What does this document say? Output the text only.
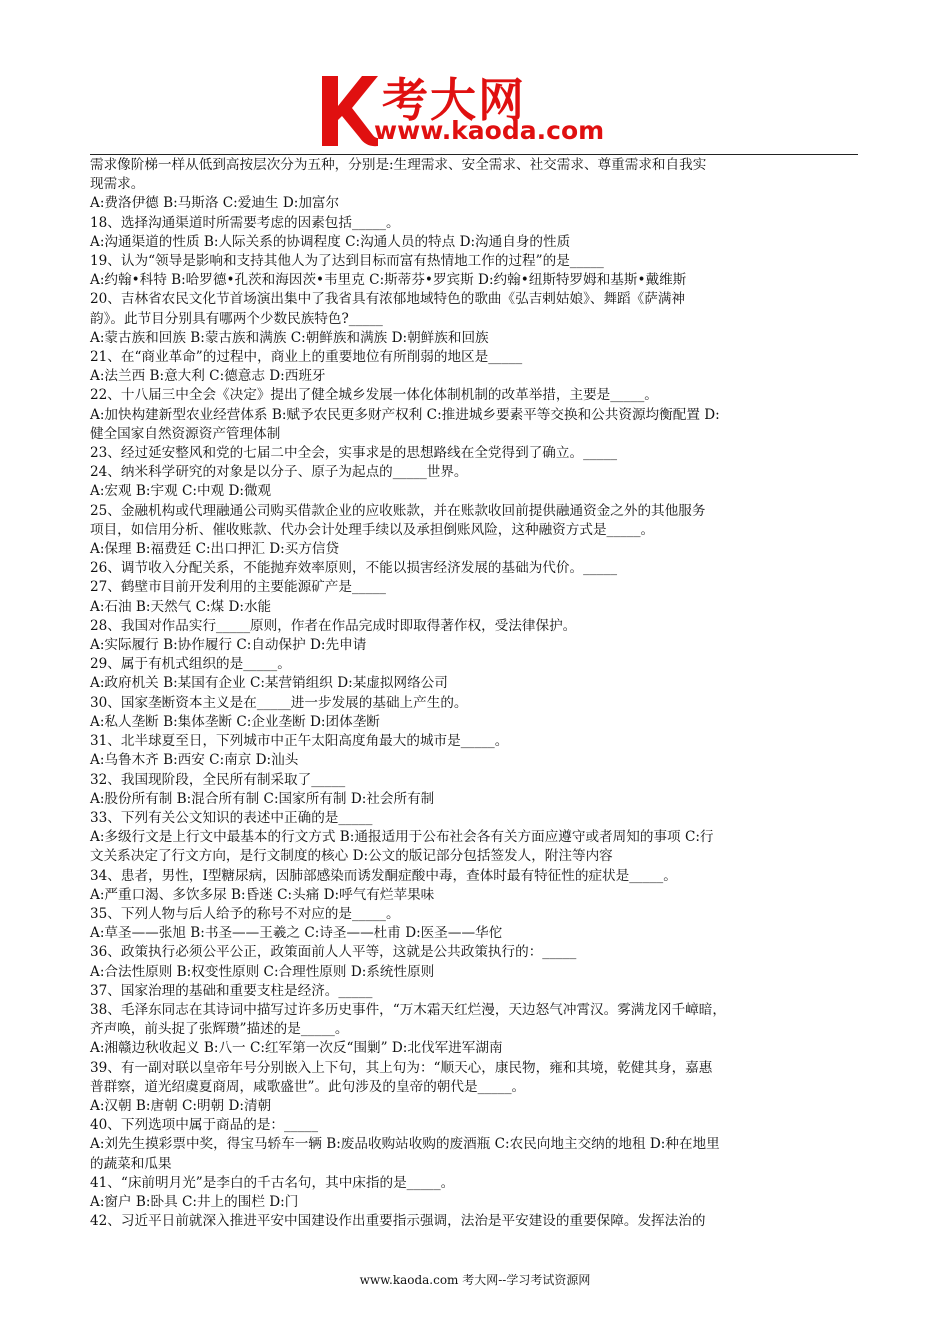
考大网
www.kaoda.com

需求像阶梯一样从低到高按层次分为五种，分别是:生理需求、安全需求、社交需求、尊重需求和自我实

现需求。

A:费洛伊德 B:马斯洛 C:爱迪生 D:加富尔

18、选择沟通渠道时所需要考虑的因素包括_____。

A:沟通渠道的性质 B:人际关系的协调程度 C:沟通人员的特点 D:沟通自身的性质

19、认为“领导是影响和支持其他人为了达到目标而富有热情地工作的过程”的是_____

A:约翰•科特 B:哈罗德•孔茨和海因茨•韦里克 C:斯蒂芬•罗宾斯 D:约翰•纽斯特罗姆和基斯•戴维斯

20、吉林省农民文化节首场演出集中了我省具有浓郁地域特色的歌曲《弘吉剌姑娘》、舞蹈《萨满神

韵》。此节目分别具有哪两个少数民族特色?_____

A:蒙古族和回族 B:蒙古族和满族 C:朝鲜族和满族 D:朝鲜族和回族

21、在“商业革命”的过程中，商业上的重要地位有所削弱的地区是_____

A:法兰西 B:意大利 C:德意志 D:西班牙

22、十八届三中全会《决定》提出了健全城乡发展一体化体制机制的改革举措，主要是_____。

A:加快构建新型农业经营体系 B:赋予农民更多财产权利 C:推进城乡要素平等交换和公共资源均衡配置 D:

健全国家自然资源资产管理体制

23、经过延安整风和党的七届二中全会，实事求是的思想路线在全党得到了确立。_____

24、纳米科学研究的对象是以分子、原子为起点的_____世界。

A:宏观 B:宇观 C:中观 D:微观

25、金融机构或代理融通公司购买借款企业的应收账款，并在账款收回前提供融通资金之外的其他服务

项目，如信用分析、催收账款、代办会计处理手续以及承担倒账风险，这种融资方式是_____。

A:保理 B:福费廷 C:出口押汇 D:买方信贷

26、调节收入分配关系，不能抛弃效率原则，不能以损害经济发展的基础为代价。_____

27、鹤壁市目前开发利用的主要能源矿产是_____

A:石油 B:天然气 C:煤 D:水能

28、我国对作品实行_____原则，作者在作品完成时即取得著作权，受法律保护。

A:实际履行 B:协作履行 C:自动保护 D:先申请

29、属于有机式组织的是_____。

A:政府机关 B:某国有企业 C:某营销组织 D:某虚拟网络公司

30、国家垄断资本主义是在_____进一步发展的基础上产生的。

A:私人垄断 B:集体垄断 C:企业垄断 D:团体垄断

31、北半球夏至日，下列城市中正午太阳高度角最大的城市是_____。

A:乌鲁木齐 B:西安 C:南京 D:汕头

32、我国现阶段，全民所有制采取了_____

A:股份所有制 B:混合所有制 C:国家所有制 D:社会所有制

33、下列有关公文知识的表述中正确的是_____

A:多级行文是上行文中最基本的行文方式 B:通报适用于公布社会各有关方面应遵守或者周知的事项 C:行

文关系决定了行文方向，是行文制度的核心 D:公文的版记部分包括签发人，附注等内容

34、患者，男性，Ⅰ型糖尿病，因肺部感染而诱发酮症酸中毒，查体时最有特征性的症状是_____。

A:严重口渴、多饮多尿 B:昏迷 C:头痛 D:呼气有烂苹果味

35、下列人物与后人给予的称号不对应的是_____。

A:草圣——张旭 B:书圣——王羲之 C:诗圣——杜甫 D:医圣——华佗

36、政策执行必须公平公正，政策面前人人平等，这就是公共政策执行的：_____

A:合法性原则 B:权变性原则 C:合理性原则 D:系统性原则

37、国家治理的基础和重要支柱是经济。_____

38、毛泽东同志在其诗词中描写过许多历史事件，“万木霜天红烂漫，天边怒气冲霄汉。雾满龙冈千嶂暗，

齐声唤，前头捉了张辉瓒”描述的是_____。

A:湘赣边秋收起义 B:八一 C:红军第一次反“围剿” D:北伐军进军湖南

39、有一副对联以皇帝年号分别嵌入上下句，其上句为：“顺天心，康民物，雍和其境，乾健其身，嘉惠

普群察，道光绍虞夏商周，咸歌盛世”。此句涉及的皇帝的朝代是_____。

A:汉朝 B:唐朝 C:明朝 D:清朝

40、下列选项中属于商品的是：_____

A:刘先生摸彩票中奖，得宝马轿车一辆 B:废品收购站收购的废酒瓶 C:农民向地主交纳的地租 D:种在地里

的蔬菜和瓜果

41、“床前明月光”是李白的千古名句，其中床指的是_____。

A:窗户 B:卧具 C:井上的围栏 D:门

42、习近平日前就深入推进平安中国建设作出重要指示强调，法治是平安建设的重要保障。发挥法治的

www.kaoda.com 考大网--学习考试资源网
